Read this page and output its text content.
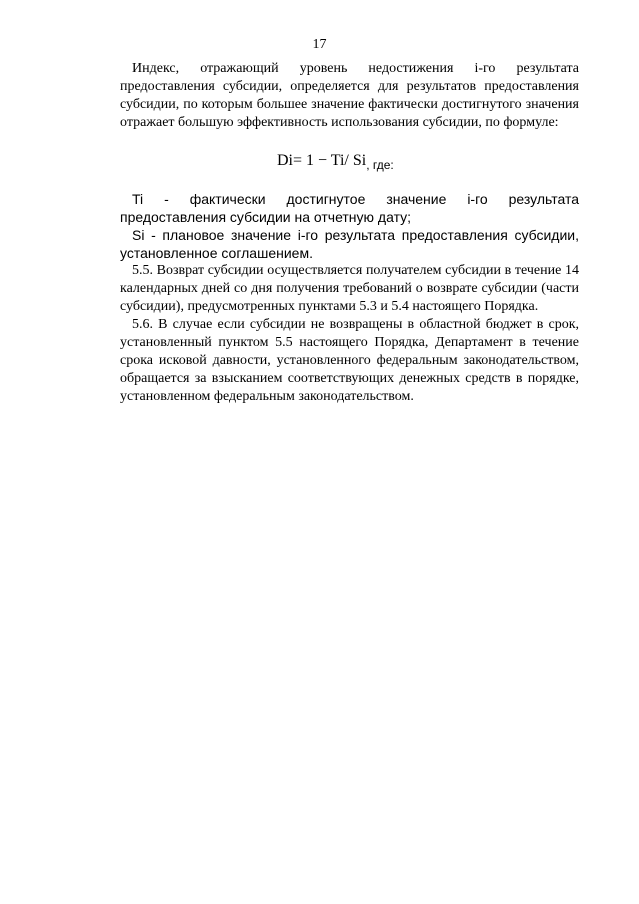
17

Индекс, отражающий уровень недостижения i-го результата предоставления субсидии, определяется для результатов предоставления субсидии, по которым большее значение фактически достигнутого значения отражает большую эффективность использования субсидии, по формуле:

Di= 1 − Ti/ $Si_{, где:}$

Ti - фактически достигнутое значение i-го результата предоставления субсидии на отчетную дату;

Si - плановое значение i-го результата предоставления субсидии, установленное соглашением.

5.5. Возврат субсидии осуществляется получателем субсидии в течение 14 календарных дней со дня получения требований о возврате субсидии (части субсидии), предусмотренных пунктами 5.3 и 5.4 настоящего Порядка.

5.6. В случае если субсидии не возвращены в областной бюджет в срок, установленный пунктом 5.5 настоящего Порядка, Департамент в течение срока исковой давности, установленного федеральным законодательством, обращается за взысканием соответствующих денежных средств в порядке, установленном федеральным законодательством.
